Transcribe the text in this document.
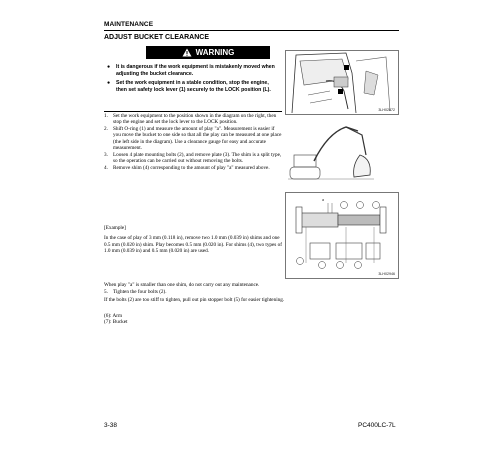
MAINTENANCE
ADJUST BUCKET CLEARANCE
WARNING
●	It is dangerous if the work equipment is mistakenly moved when adjusting the bucket clearance.
●	Set the work equipment in a stable condition, stop the engine, then set safety lock lever (1) securely to the LOCK position (L).
1. Set the work equipment to the position shown in the diagram on the right, then stop the engine and set the lock lever to the LOCK position.
2. Shift O-ring (1) and measure the amount of play "a". Measurement is easier if you move the bucket to one side so that all the play can be measured at one place (the left side in the diagram). Use a clearance gauge for easy and accurate measurement.
3. Loosen 4 plate mounting bolts (2), and remove plate (3). The shim is a split type, so the operation can be carried out without removing the bolts.
4. Remove shim (4) corresponding to the amount of play "a" measured above.

[Example]

In the case of play of 3 mm (0.118 in), remove two 1.0 mm (0.039 in) shims and one 0.5 mm (0.020 in) shim. Play becomes 0.5 mm (0.020 in). For shims (4), two types of 1.0 mm (0.039 in) and 0.5 mm (0.020 in) are used.

When play "a" is smaller than one shim, do not carry out any maintenance.

5. Tighten the four bolts (2).

If the bolts (2) are too stiff to tighten, pull out pin stopper bolt (5) for easier tightening.

(6): Arm
(7): Bucket
3LH02872
a
3LH02946
3-38	PC400LC-7L
